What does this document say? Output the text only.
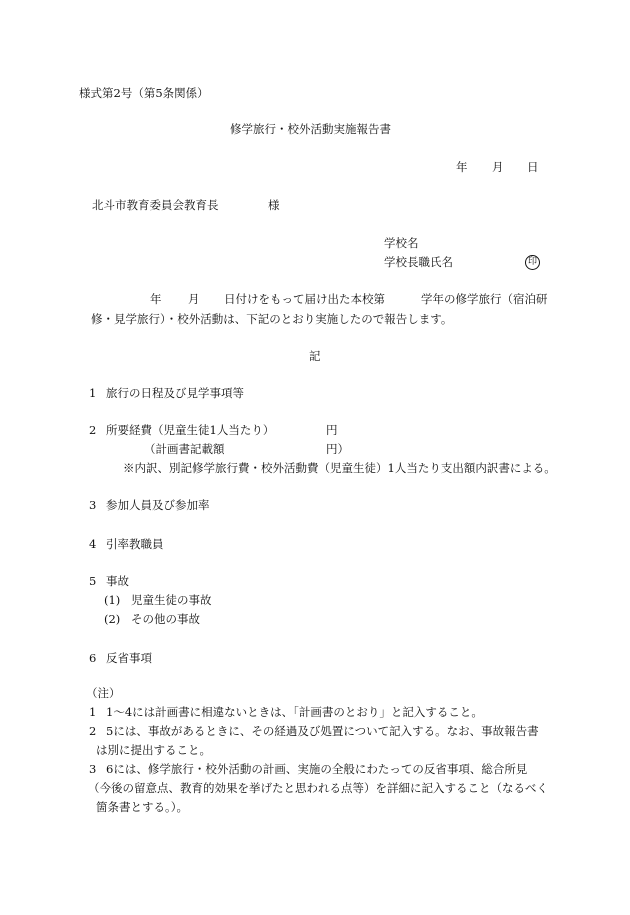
様式第2号（第5条関係）
修学旅行・校外活動実施報告書
年 月 日
北斗市教育委員会教育長	様
学校名
学校長職氏名	印
年 月 日付けをもって届け出た本校第	学年の修学旅行（宿泊研
修・見学旅行）・校外活動は、下記のとおり実施したので報告します。
記
1 旅行の日程及び見学事項等
2 所要経費（児童生徒1人当たり）	円
（計画書記載額	円）
※内訳、別記修学旅行費・校外活動費（児童生徒）1人当たり支出額内訳書による。
3 参加人員及び参加率
4 引率教職員
5 事故
(1) 児童生徒の事故
(2) その他の事故
6 反省事項
（注）
1 1～4には計画書に相違ないときは、「計画書のとおり」と記入すること。
2 5には、事故があるときに、その経過及び処置について記入する。なお、事故報告書
は別に提出すること。
3 6には、修学旅行・校外活動の計画、実施の全般にわたっての反省事項、総合所見
（今後の留意点、教育的効果を挙げたと思われる点等）を詳細に記入すること（なるべく
箇条書とする。）。
